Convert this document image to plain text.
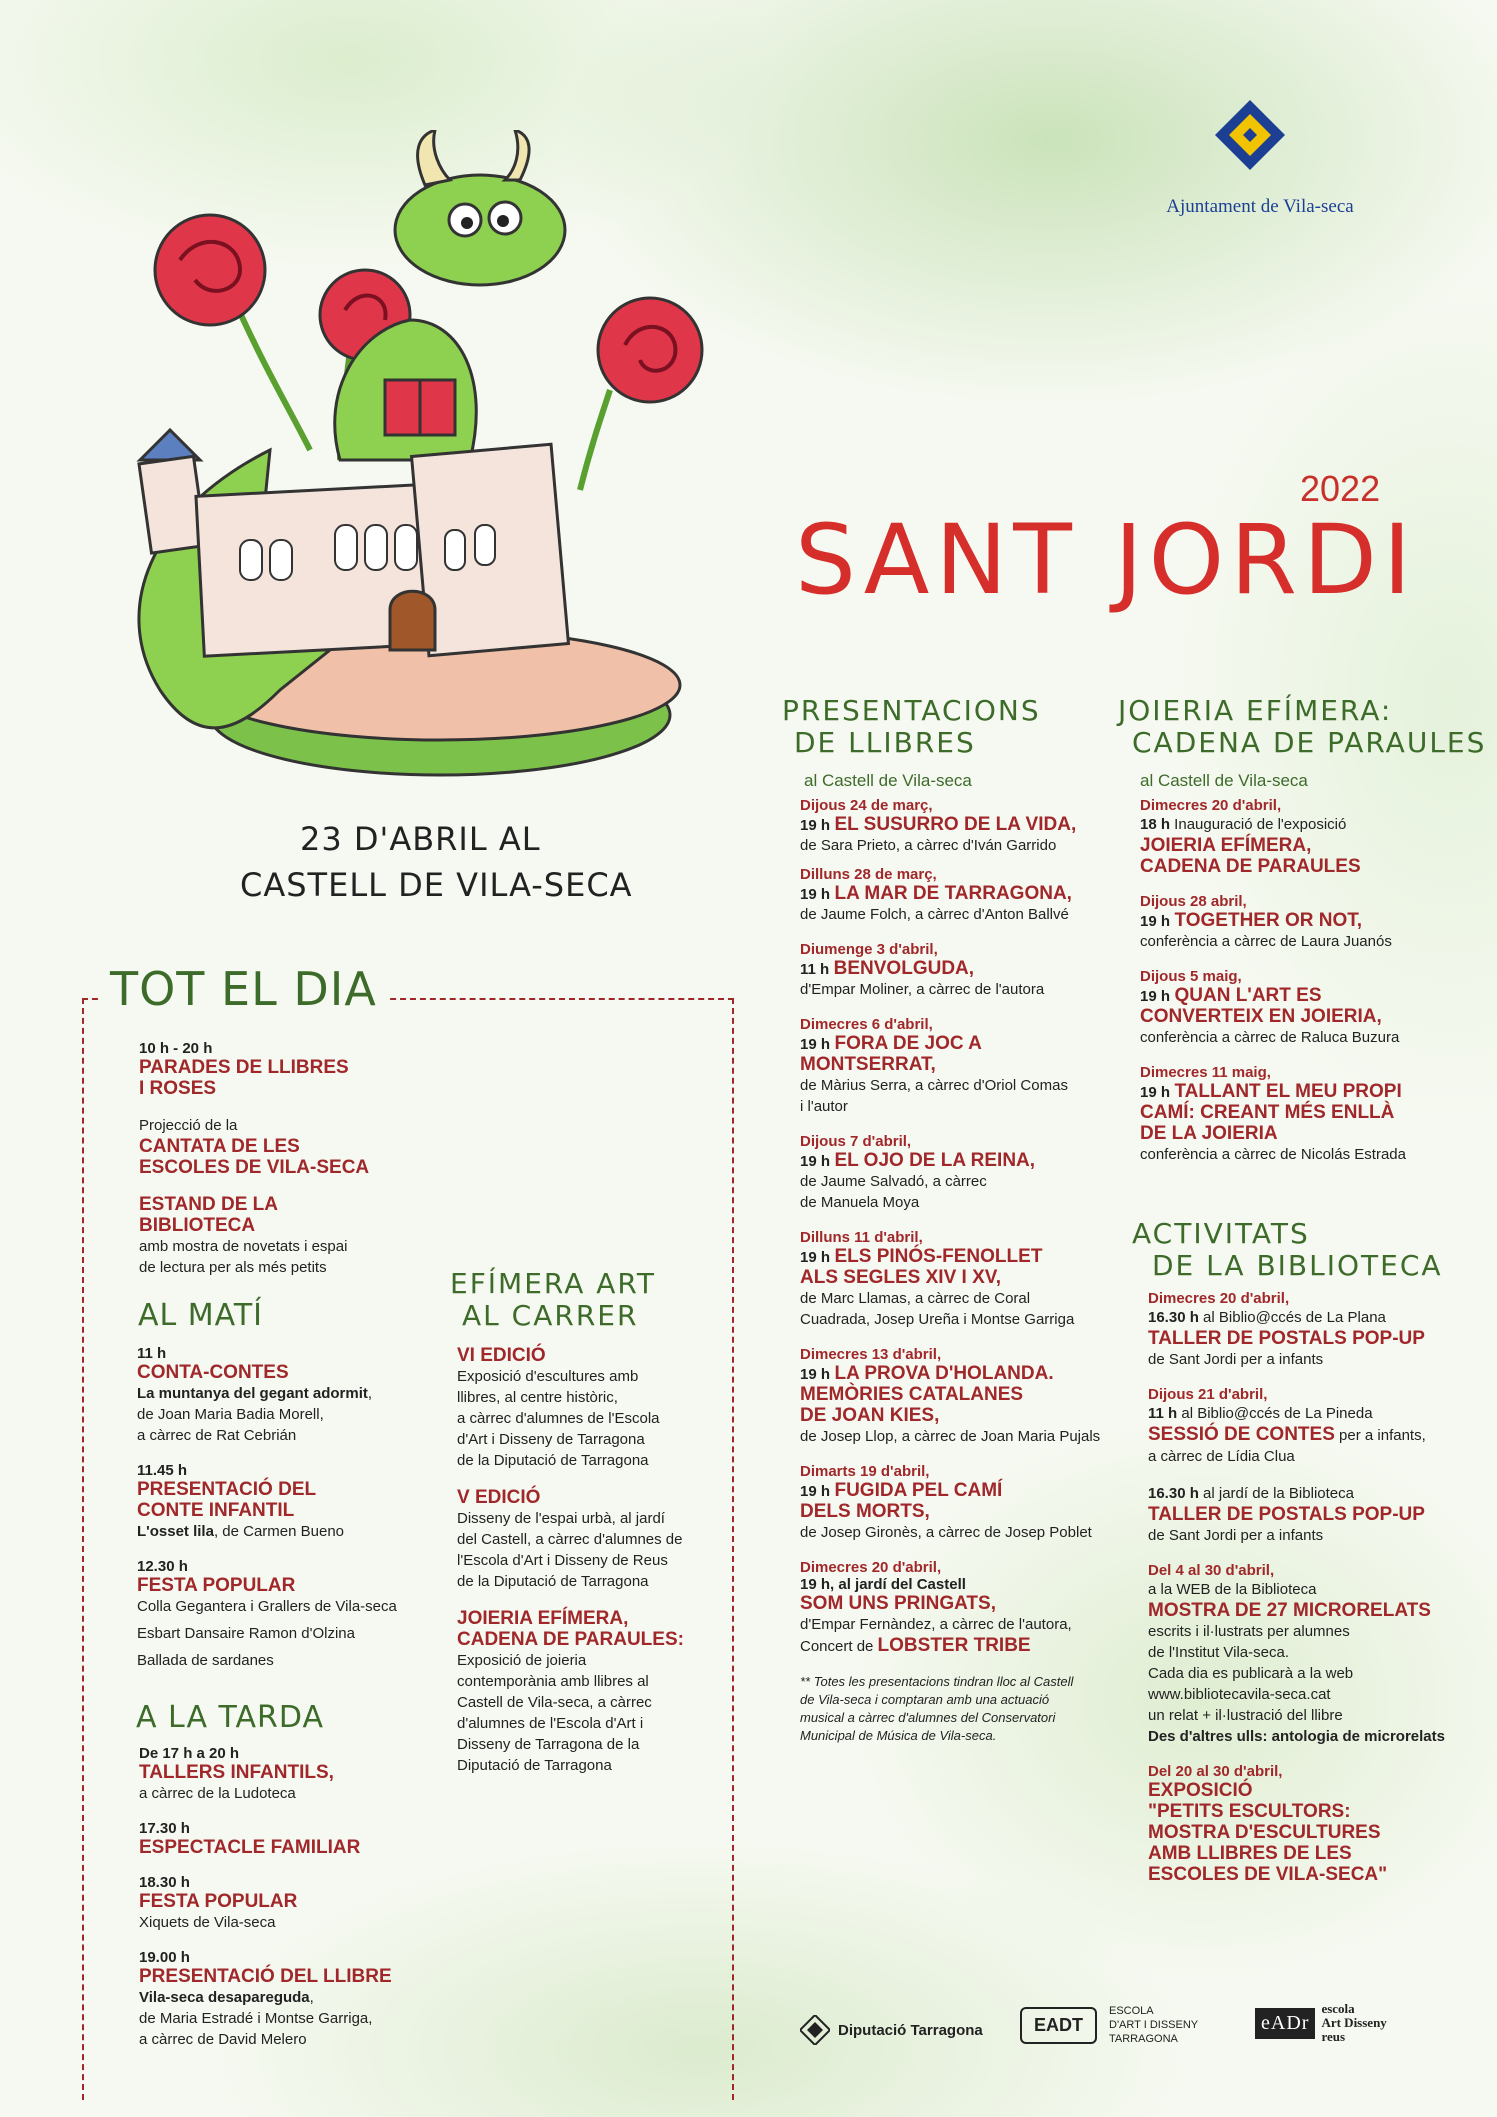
Ajuntament de Vila-seca
2022
SANT JORDI
23 D'ABRIL AL
CASTELL DE VILA-SECA
TOT EL DIA

10 h - 20 h

PARADES DE LLIBRES

I ROSES

Projecció de la

CANTATA DE LES

ESCOLES DE VILA-SECA

ESTAND DE LA

BIBLIOTECA

amb mostra de novetats i espai

de lectura per als més petits

AL MATÍ

11 h

CONTA-CONTES

La muntanya del gegant adormit,

de Joan Maria Badia Morell,

a càrrec de Rat Cebrián

11.45 h

PRESENTACIÓ DEL

CONTE INFANTIL

L'osset lila, de Carmen Bueno

12.30 h

FESTA POPULAR

Colla Gegantera i Grallers de Vila-seca

Esbart Dansaire Ramon d'Olzina

Ballada de sardanes

A LA TARDA

De 17 h a 20 h

TALLERS INFANTILS,

a càrrec de la Ludoteca

17.30 h

ESPECTACLE FAMILIAR

18.30 h

FESTA POPULAR

Xiquets de Vila-seca

19.00 h

PRESENTACIÓ DEL LLIBRE

Vila-seca desapareguda,

de Maria Estradé i Montse Garriga,

a càrrec de David Melero

EFÍMERA ART
AL CARRER

VI EDICIÓ

Exposició d'escultures amb

llibres, al centre històric,

a càrrec d'alumnes de l'Escola

d'Art i Disseny de Tarragona

de la Diputació de Tarragona

V EDICIÓ

Disseny de l'espai urbà, al jardí

del Castell, a càrrec d'alumnes de

l'Escola d'Art i Disseny de Reus

de la Diputació de Tarragona

JOIERIA EFÍMERA,

CADENA DE PARAULES:

Exposició de joieria

contemporània amb llibres al

Castell de Vila-seca, a càrrec

d'alumnes de l'Escola d'Art i

Disseny de Tarragona de la

Diputació de Tarragona

PRESENTACIONS
DE LLIBRES
al Castell de Vila-seca

Dijous 24 de març,

19 h EL SUSURRO DE LA VIDA,

de Sara Prieto, a càrrec d'Iván Garrido

Dilluns 28 de març,

19 h LA MAR DE TARRAGONA,

de Jaume Folch, a càrrec d'Anton Ballvé

Diumenge 3 d'abril,

11 h BENVOLGUDA,

d'Empar Moliner, a càrrec de l'autora

Dimecres 6 d'abril,

19 h FORA DE JOC A MONTSERRAT,

de Màrius Serra, a càrrec d'Oriol Comas

i l'autor

Dijous 7 d'abril,

19 h EL OJO DE LA REINA,

de Jaume Salvadó, a càrrec

de Manuela Moya

Dilluns 11 d'abril,

19 h ELS PINÓS-FENOLLET

ALS SEGLES XIV I XV,

de Marc Llamas, a càrrec de Coral

Cuadrada, Josep Ureña i Montse Garriga

Dimecres 13 d'abril,

19 h LA PROVA D'HOLANDA.

MEMÒRIES CATALANES

DE JOAN KIES,

de Josep Llop, a càrrec de Joan Maria Pujals

Dimarts 19 d'abril,

19 h FUGIDA PEL CAMÍ

DELS MORTS,

de Josep Gironès, a càrrec de Josep Poblet

Dimecres 20 d'abril,

19 h, al jardí del Castell

SOM UNS PRINGATS,

d'Empar Fernàndez, a càrrec de l'autora,

Concert de LOBSTER TRIBE

** Totes les presentacions tindran lloc al Castell

de Vila-seca i comptaran amb una actuació

musical a càrrec d'alumnes del Conservatori

Municipal de Música de Vila-seca.

JOIERIA EFÍMERA:
CADENA DE PARAULES
al Castell de Vila-seca

Dimecres 20 d'abril,

18 h Inauguració de l'exposició

JOIERIA EFÍMERA,

CADENA DE PARAULES

Dijous 28 abril,

19 h TOGETHER OR NOT,

conferència a càrrec de Laura Juanós

Dijous 5 maig,

19 h QUAN L'ART ES

CONVERTEIX EN JOIERIA,

conferència a càrrec de Raluca Buzura

Dimecres 11 maig,

19 h TALLANT EL MEU PROPI

CAMÍ: CREANT MÉS ENLLÀ

DE LA JOIERIA

conferència a càrrec de Nicolás Estrada

ACTIVITATS
DE LA BIBLIOTECA

Dimecres 20 d'abril,

16.30 h al Biblio@ccés de La Plana

TALLER DE POSTALS POP-UP

de Sant Jordi per a infants

Dijous 21 d'abril,

11 h al Biblio@ccés de La Pineda

SESSIÓ DE CONTES per a infants,

a càrrec de Lídia Clua

16.30 h al jardí de la Biblioteca

TALLER DE POSTALS POP-UP

de Sant Jordi per a infants

Del 4 al 30 d'abril,

a la WEB de la Biblioteca

MOSTRA DE 27 MICRORELATS

escrits i il·lustrats per alumnes

de l'Institut Vila-seca.

Cada dia es publicarà a la web

www.bibliotecavila-seca.cat

un relat + il·lustració del llibre

Des d'altres ulls: antologia de microrelats

Del 20 al 30 d'abril,

EXPOSICIÓ

"PETITS ESCULTORS:

MOSTRA D'ESCULTURES

AMB LLIBRES DE LES

ESCOLES DE VILA-SECA"

Diputació Tarragona	EADT
ESCOLA
D'ART I DISSENY
TARRAGONA
eADr
escola
Art Disseny
reus
